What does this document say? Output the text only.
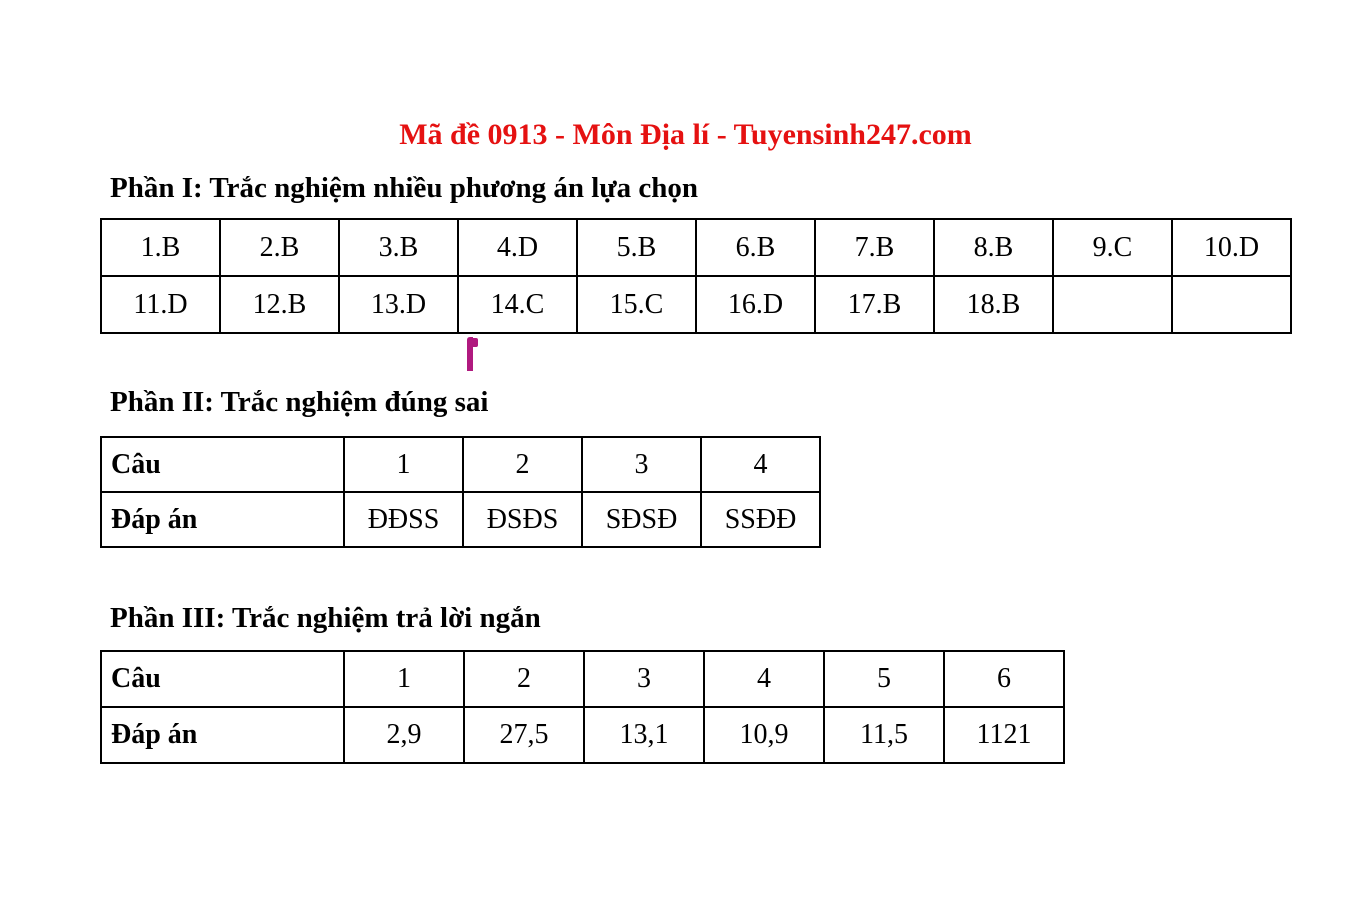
Mã đề 0913 - Môn Địa lí - Tuyensinh247.com
Phần I: Trắc nghiệm nhiều phương án lựa chọn
1.B	2.B	3.B	4.D	5.B	6.B	7.B	8.B	9.C	10.D
11.D	12.B	13.D	14.C	15.C	16.D	17.B	18.B		
Phần II: Trắc nghiệm đúng sai
Câu	1	2	3	4
Đáp án	ĐĐSS	ĐSĐS	SĐSĐ	SSĐĐ
Phần III: Trắc nghiệm trả lời ngắn
Câu	1	2	3	4	5	6
Đáp án	2,9	27,5	13,1	10,9	11,5	1121
